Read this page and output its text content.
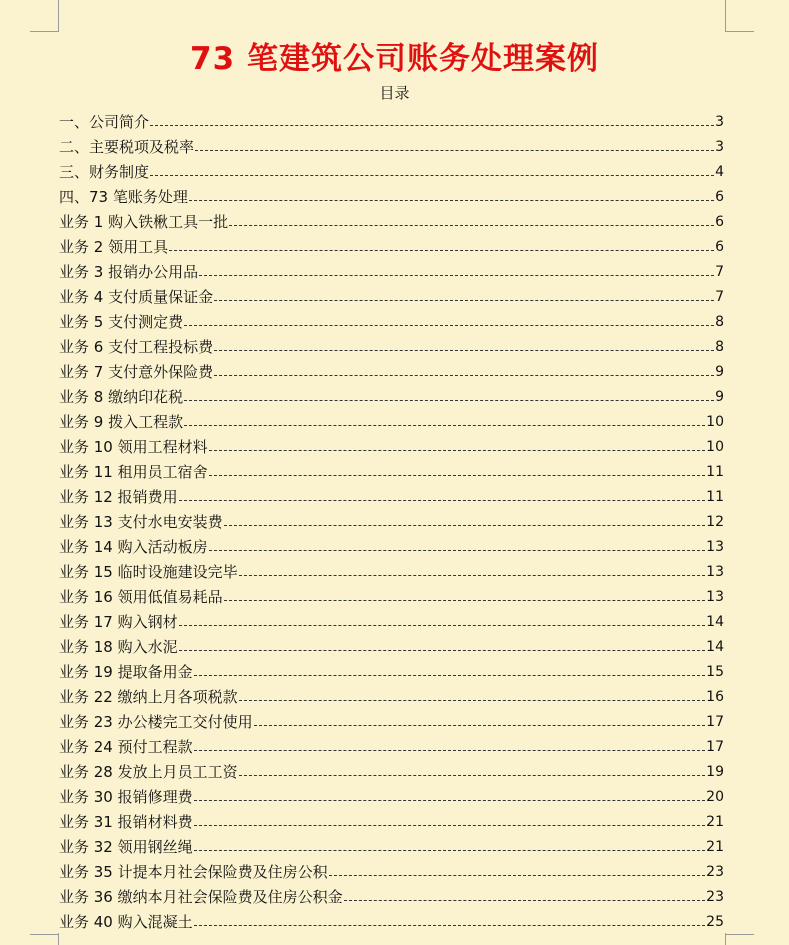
73 笔建筑公司账务处理案例
目录
一、公司简介	3
二、主要税项及税率	3
三、财务制度	4
四、73 笔账务处理	6
业务 1 购入铁楸工具一批	6
业务 2 领用工具	6
业务 3 报销办公用品	7
业务 4 支付质量保证金	7
业务 5 支付测定费	8
业务 6 支付工程投标费	8
业务 7 支付意外保险费	9
业务 8 缴纳印花税	9
业务 9 拨入工程款	10
业务 10 领用工程材料	10
业务 11 租用员工宿舍	11
业务 12 报销费用	11
业务 13 支付水电安装费	12
业务 14 购入活动板房	13
业务 15 临时设施建设完毕	13
业务 16 领用低值易耗品	13
业务 17 购入钢材	14
业务 18 购入水泥	14
业务 19 提取备用金	15
业务 22 缴纳上月各项税款	16
业务 23 办公楼完工交付使用	17
业务 24 预付工程款	17
业务 28 发放上月员工工资	19
业务 30 报销修理费	20
业务 31 报销材料费	21
业务 32 领用钢丝绳	21
业务 35 计提本月社会保险费及住房公积	23
业务 36 缴纳本月社会保险费及住房公积金	23
业务 40 购入混凝土	25
